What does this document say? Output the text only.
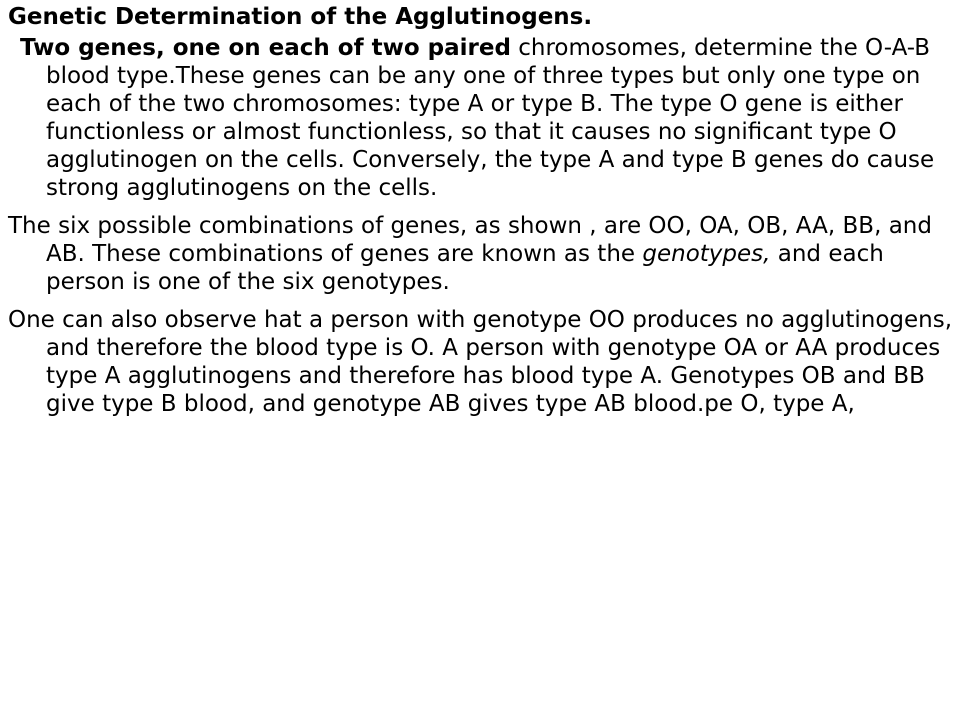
Genetic Determination of the Agglutinogens.

Two genes, one on each of two paired chromosomes, determine the O-A-B blood type.These genes can be any one of three types but only one type on each of the two chromosomes: type A or type B. The type O gene is either functionless or almost functionless, so that it causes no significant type O agglutinogen on the cells. Conversely, the type A and type B genes do cause strong agglutinogens on the cells.

The six possible combinations of genes, as shown , are OO, OA, OB, AA, BB, and AB. These combinations of genes are known as the genotypes, and each person is one of the six genotypes.

One can also observe hat a person with genotype OO produces no agglutinogens, and therefore the blood type is O. A person with genotype OA or AA produces type A agglutinogens and therefore has blood type A. Genotypes OB and BB give type B blood, and genotype AB gives type AB blood.pe O, type A,
